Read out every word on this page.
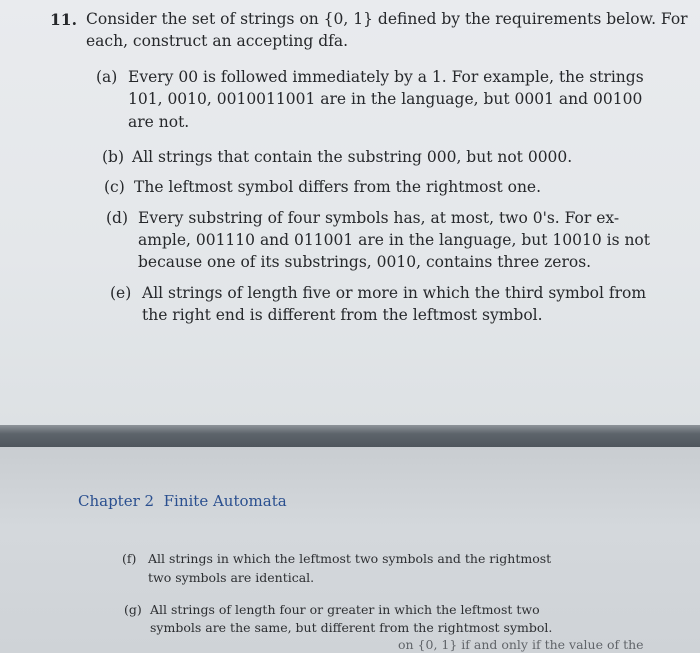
11. Consider the set of strings on {0, 1} defined by the requirements below. For

each, construct an accepting dfa.

(a) Every 00 is followed immediately by a 1. For example, the strings

101, 0010, 0010011001 are in the language, but 0001 and 00100

are not.

(b) All strings that contain the substring 000, but not 0000.

(c) The leftmost symbol differs from the rightmost one.

(d) Every substring of four symbols has, at most, two 0's. For ex-

ample, 001110 and 011001 are in the language, but 10010 is not

because one of its substrings, 0010, contains three zeros.

(e) All strings of length five or more in which the third symbol from

the right end is different from the leftmost symbol.

Chapter 2 Finite Automata

(f) All strings in which the leftmost two symbols and the rightmost

two symbols are identical.

(g) All strings of length four or greater in which the leftmost two

symbols are the same, but different from the rightmost symbol.

on {0, 1} if and only if the value of the
